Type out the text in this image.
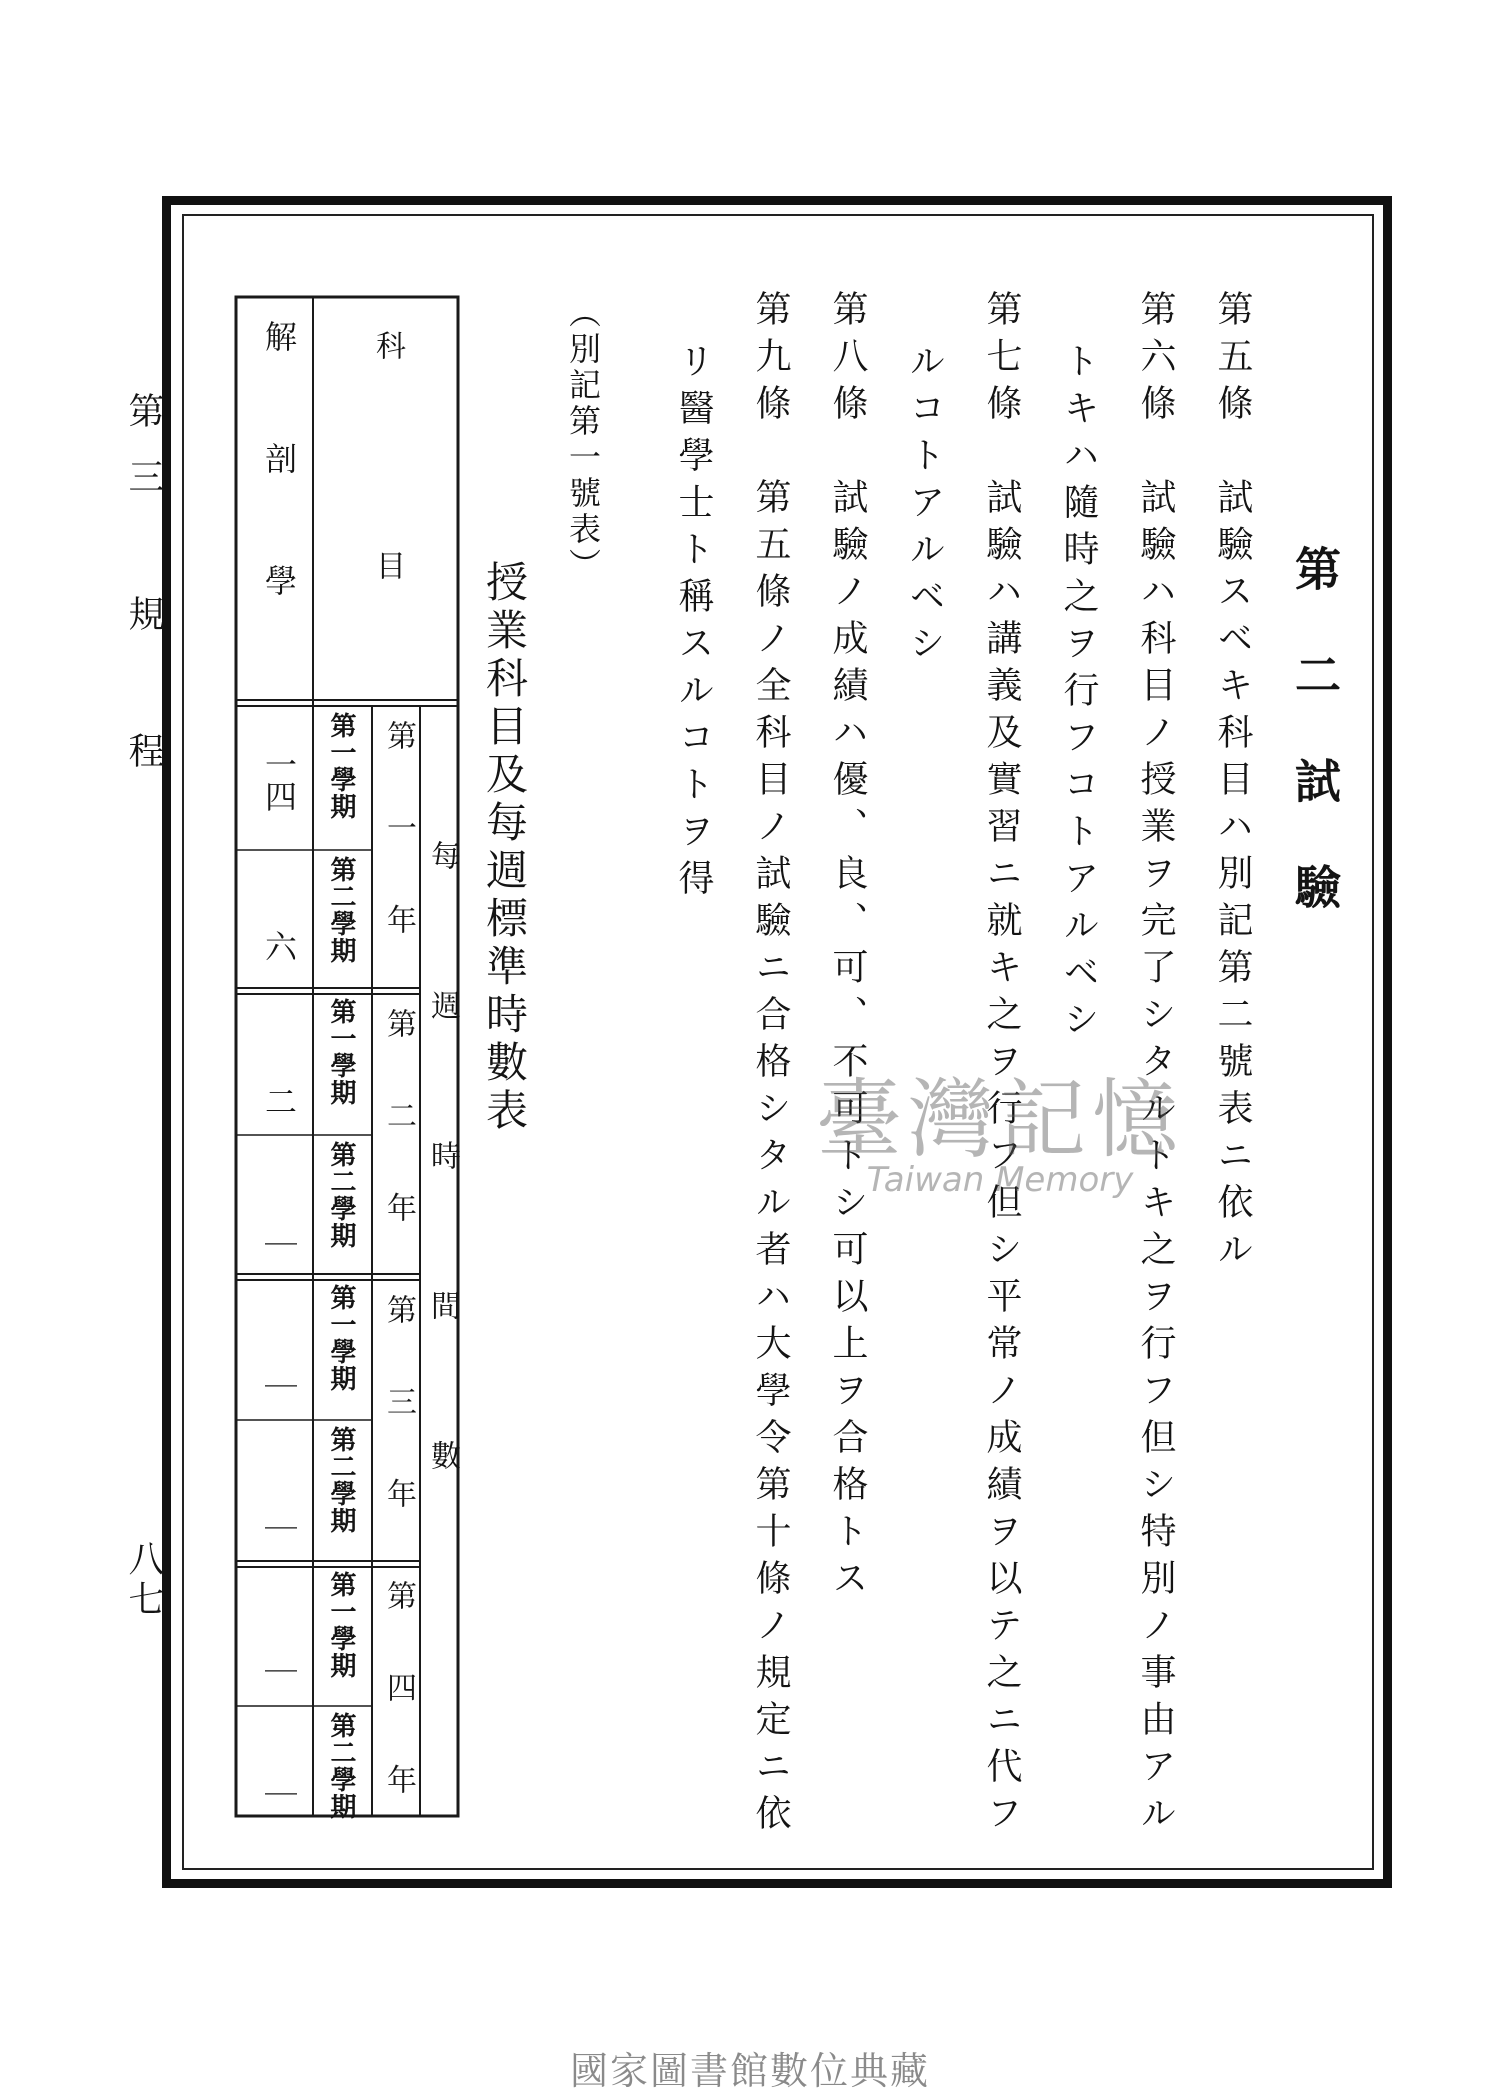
第三 規 程
八七
第二試驗
第五條　試驗スベキ科目ハ別記第二號表ニ依ル
第六條　試驗ハ科目ノ授業ヲ完了シタルトキ之ヲ行フ但シ特別ノ事由アル
トキハ隨時之ヲ行フコトアルベシ
第七條　試驗ハ講義及實習ニ就キ之ヲ行フ但シ平常ノ成績ヲ以テ之ニ代フ
ルコトアルベシ
第八條　試驗ノ成績ハ優、良、可、不可トシ可以上ヲ合格トス
第九條　第五條ノ全科目ノ試驗ニ合格シタル者ハ大學令第十條ノ規定ニ依
リ醫學士ト稱スルコトヲ得
（別記第一號表）
授業科目及每週標準時數表
科目
每週時間數
第一年
第二年
第三年
第四年
第一學期
第二學期
第一學期
第二學期
第一學期
第二學期
第一學期
第二學期
解剖學
一四
六
二
｜
｜
｜
｜
｜
臺灣記憶
Taiwan Memory
國家圖書館數位典藏
